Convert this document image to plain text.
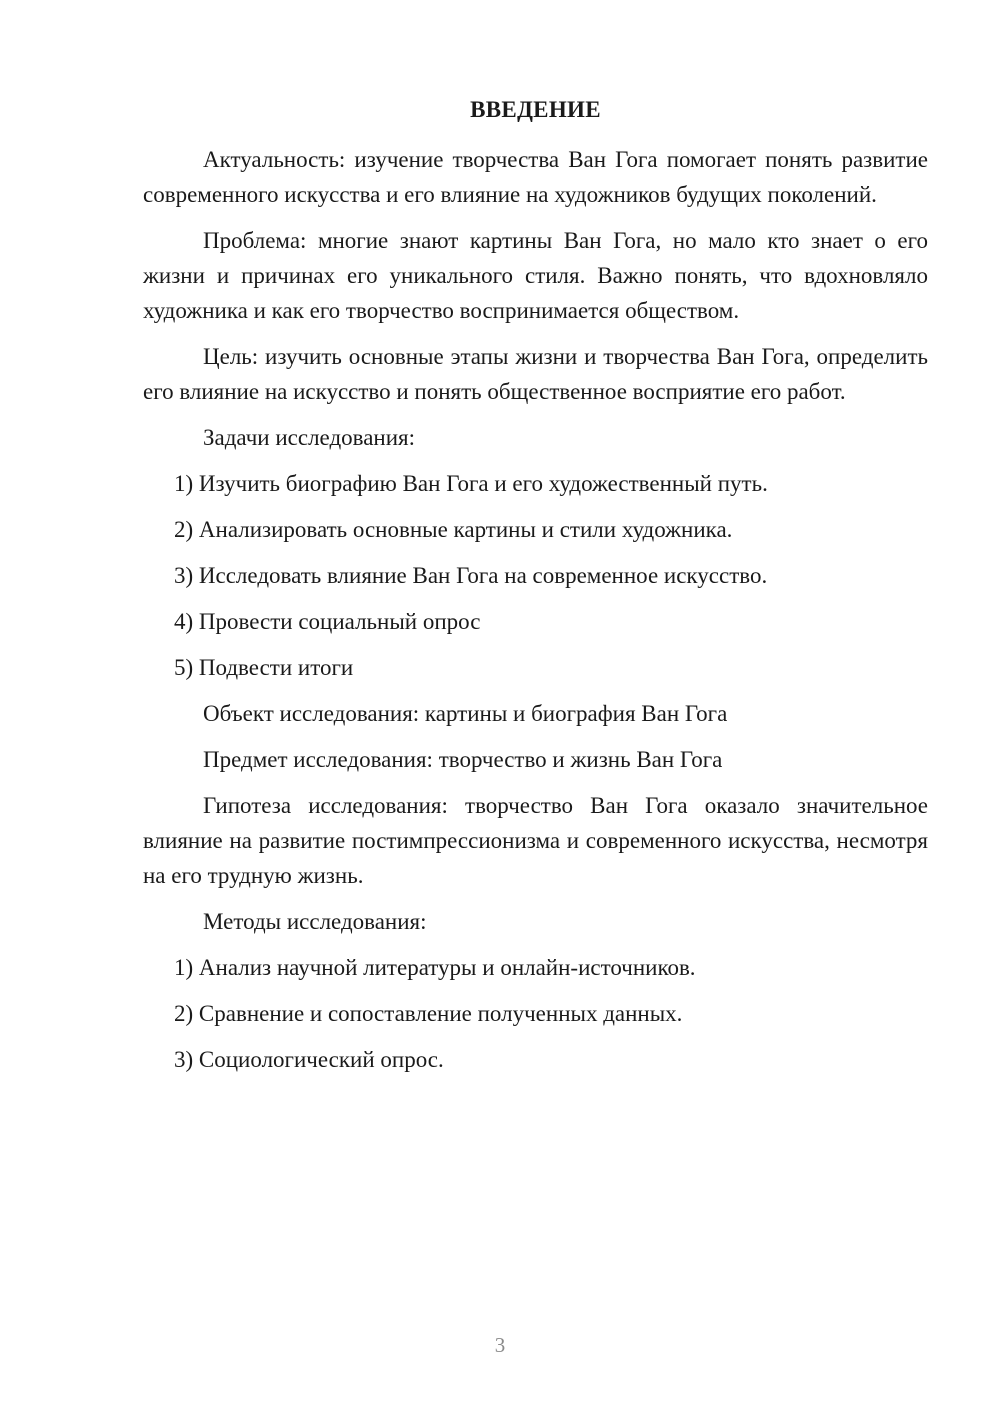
ВВЕДЕНИЕ

Актуальность: изучение творчества Ван Гога помогает понять развитие современного искусства и его влияние на художников будущих поколений.

Проблема: многие знают картины Ван Гога, но мало кто знает о его жизни и причинах его уникального стиля. Важно понять, что вдохновляло художника и как его творчество воспринимается обществом.

Цель: изучить основные этапы жизни и творчества Ван Гога, определить его влияние на искусство и понять общественное восприятие его работ.

Задачи исследования:
1) Изучить биографию Ван Гога и его художественный путь.
2) Анализировать основные картины и стили художника.
3) Исследовать влияние Ван Гога на современное искусство.
4) Провести социальный опрос
5) Подвести итоги
Объект исследования: картины и биография Ван Гога
Предмет исследования: творчество и жизнь Ван Гога

Гипотеза исследования: творчество Ван Гога оказало значительное влияние на развитие постимпрессионизма и современного искусства, несмотря на его трудную жизнь.

Методы исследования:
1) Анализ научной литературы и онлайн-источников.
2) Сравнение и сопоставление полученных данных.
3) Социологический опрос.
3
